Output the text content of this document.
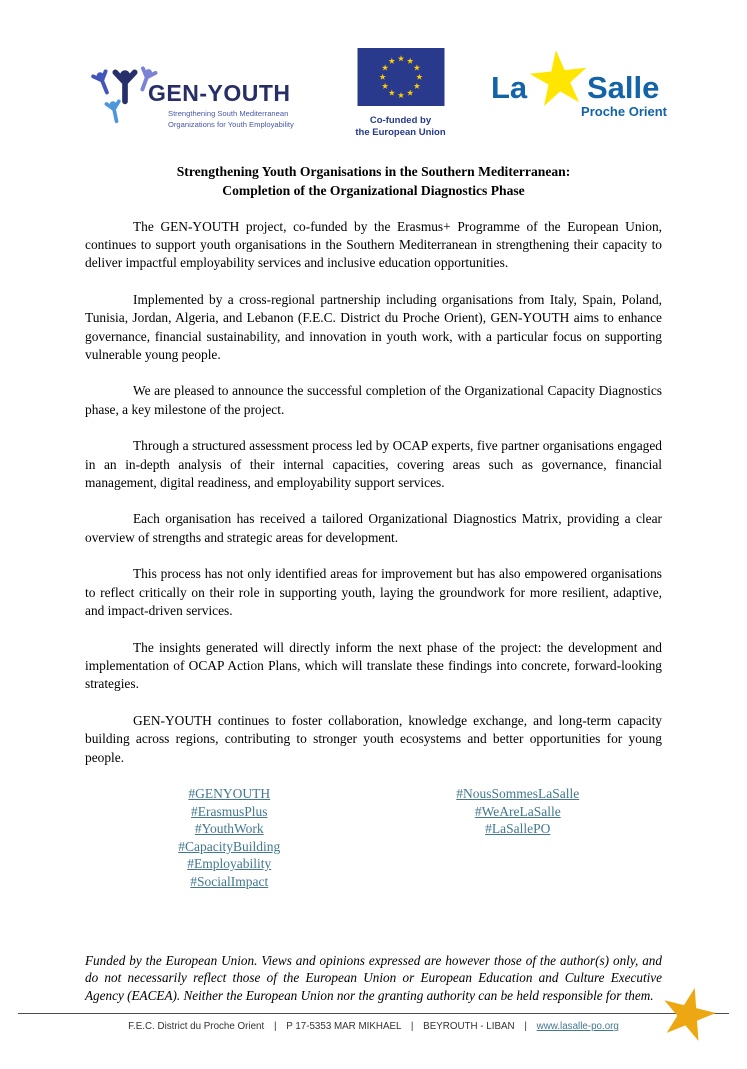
GEN-YOUTH
Strengthening South Mediterranean
Organizations for Youth Employability	Co-funded by
the European Union
La Salle
Proche Orient
Strengthening Youth Organisations in the Southern Mediterranean:
Completion of the Organizational Diagnostics Phase

The GEN-YOUTH project, co-funded by the Erasmus+ Programme of the European Union, continues to support youth organisations in the Southern Mediterranean in strengthening their capacity to deliver impactful employability services and inclusive education opportunities.

Implemented by a cross-regional partnership including organisations from Italy, Spain, Poland, Tunisia, Jordan, Algeria, and Lebanon (F.E.C. District du Proche Orient), GEN-YOUTH aims to enhance governance, financial sustainability, and innovation in youth work, with a particular focus on supporting vulnerable young people.

We are pleased to announce the successful completion of the Organizational Capacity Diagnostics phase, a key milestone of the project.

Through a structured assessment process led by OCAP experts, five partner organisations engaged in an in-depth analysis of their internal capacities, covering areas such as governance, financial management, digital readiness, and employability support services.

Each organisation has received a tailored Organizational Diagnostics Matrix, providing a clear overview of strengths and strategic areas for development.

This process has not only identified areas for improvement but has also empowered organisations to reflect critically on their role in supporting youth, laying the groundwork for more resilient, adaptive, and impact-driven services.

The insights generated will directly inform the next phase of the project: the development and implementation of OCAP Action Plans, which will translate these findings into concrete, forward-looking strategies.

GEN-YOUTH continues to foster collaboration, knowledge exchange, and long-term capacity building across regions, contributing to stronger youth ecosystems and better opportunities for young people.

#GENYOUTH
#ErasmusPlus
#YouthWork
#CapacityBuilding
#Employability
#SocialImpact
#NousSommesLaSalle
#WeAreLaSalle
#LaSallePO
Funded by the European Union. Views and opinions expressed are however those of the author(s) only, and do not necessarily reflect those of the European Union or European Education and Culture Executive Agency (EACEA). Neither the European Union nor the granting authority can be held responsible for them.
F.E.C. District du Proche Orient | P 17-5353 MAR MIKHAEL | BEYROUTH - LIBAN | www.lasalle-po.org
